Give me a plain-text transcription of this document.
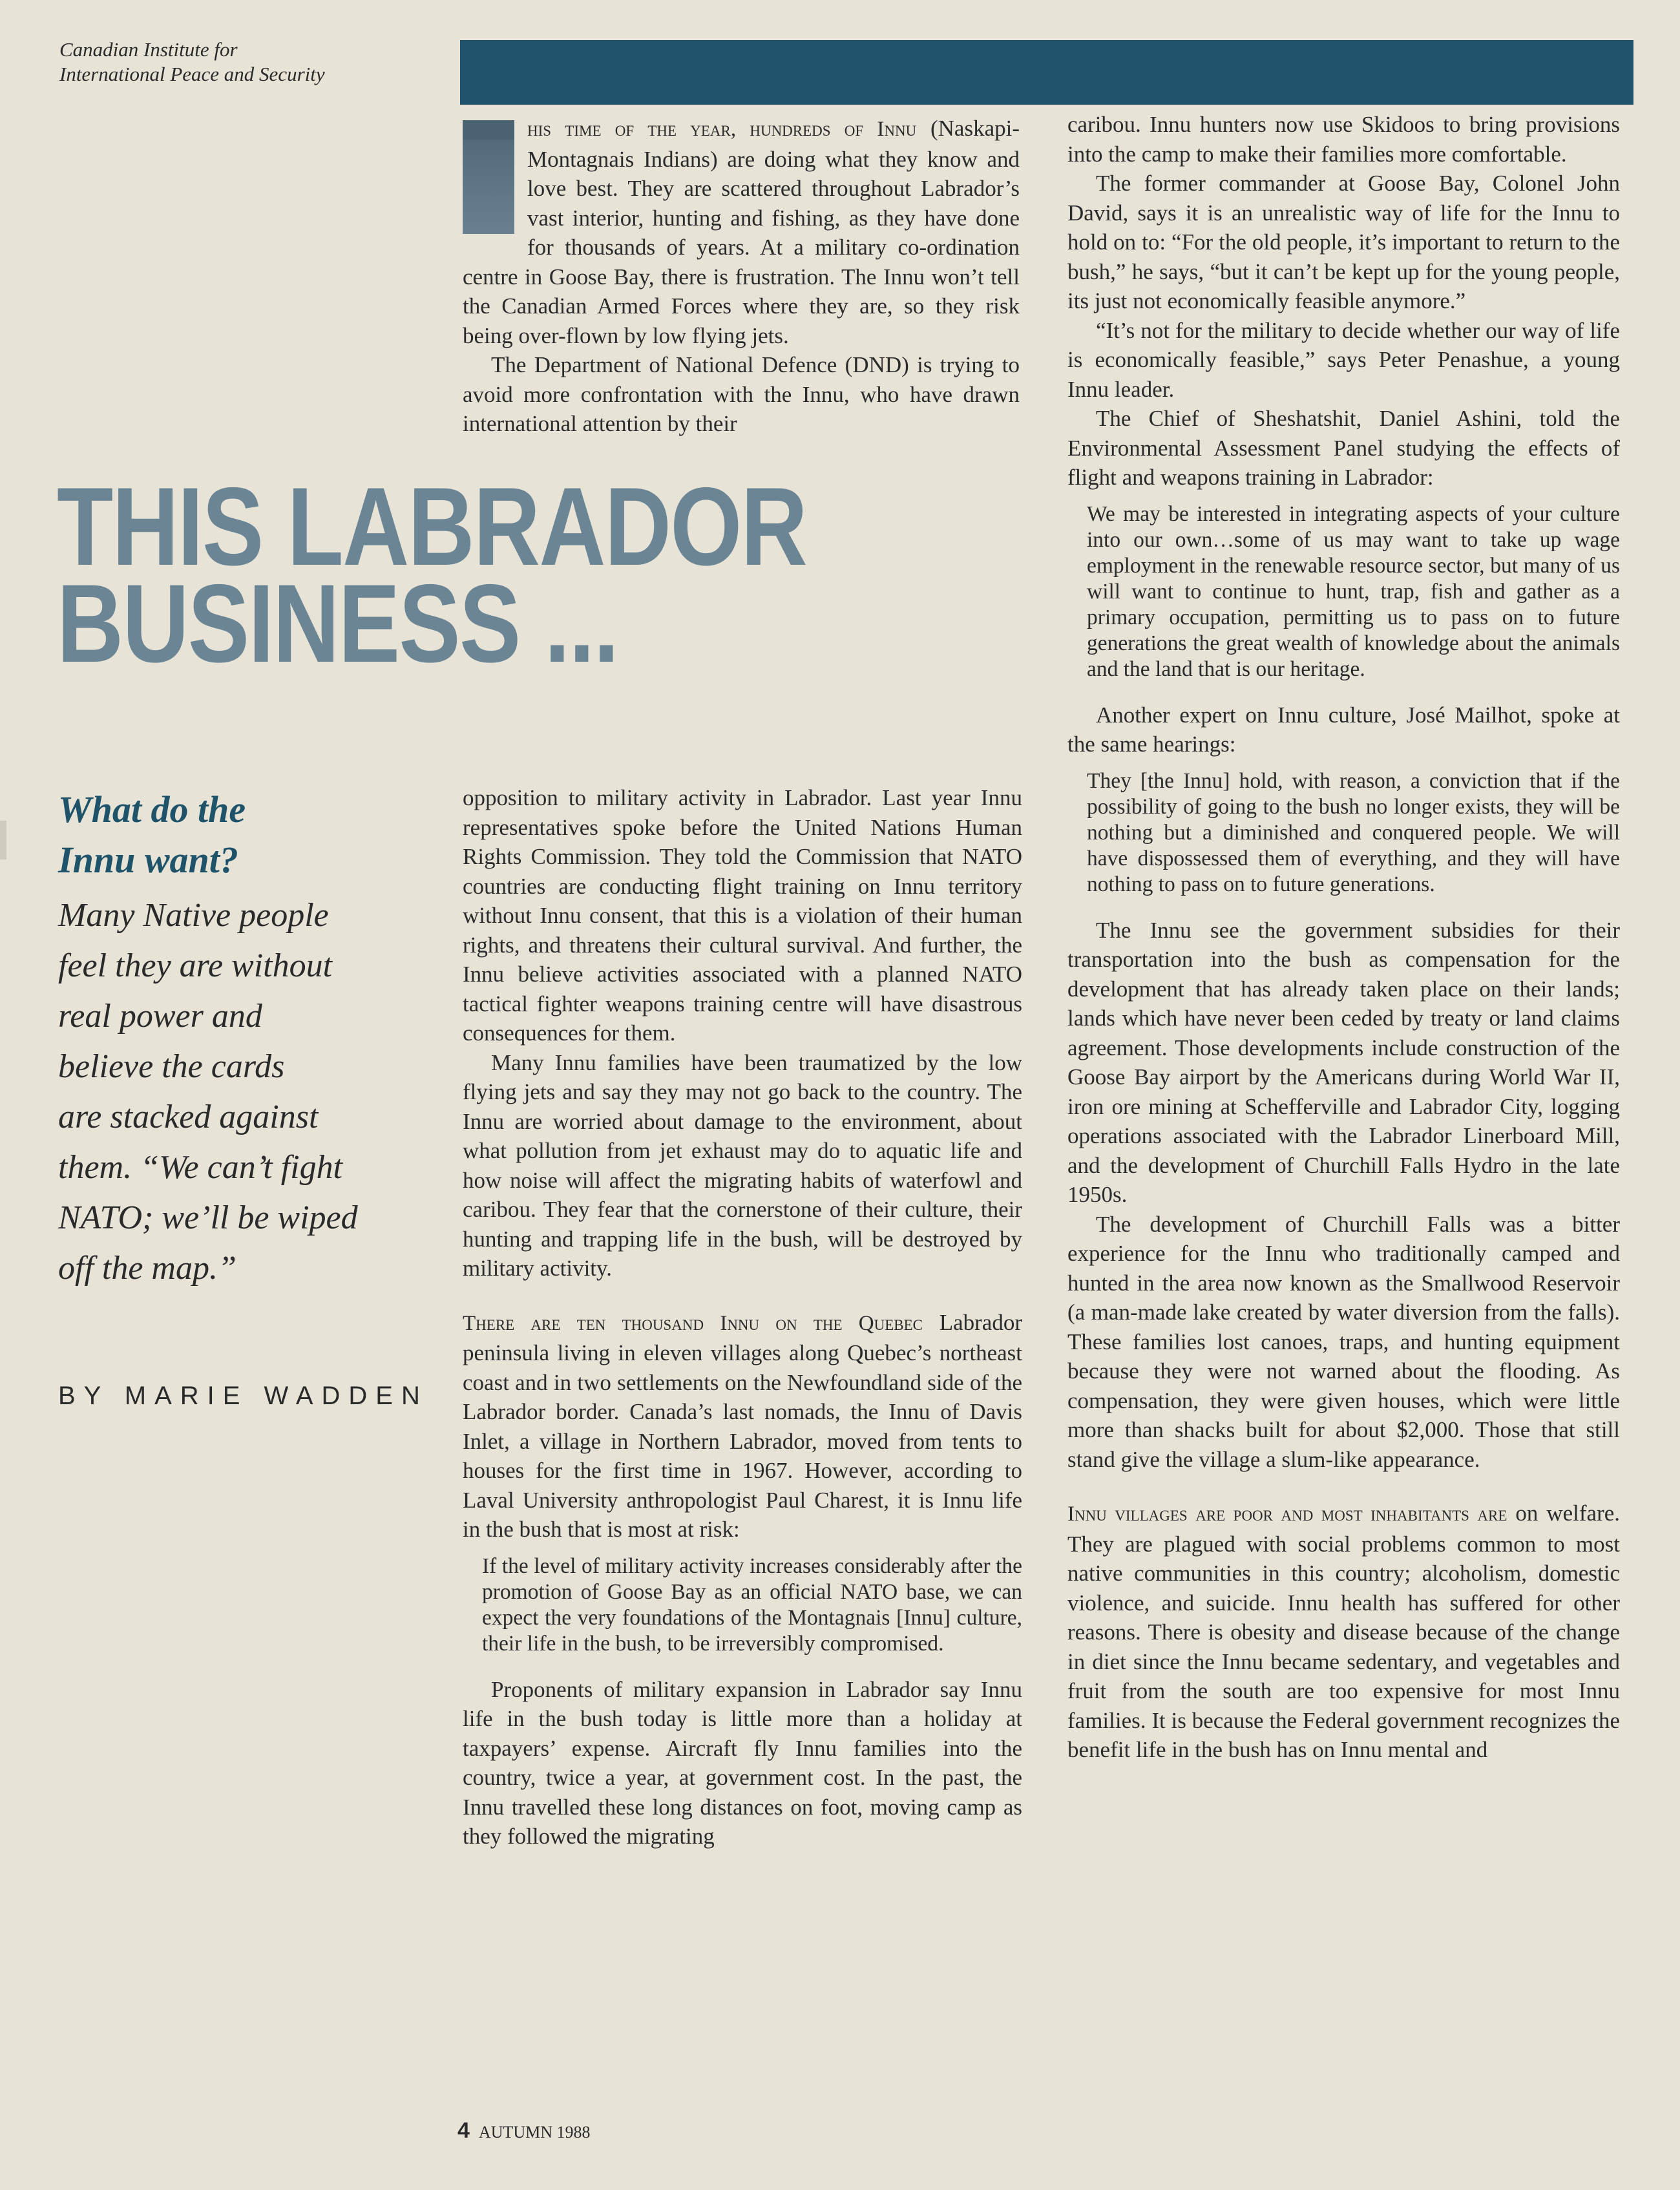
Canadian Institute for
International Peace and Security

his time of the year, hundreds of Innu (Naskapi-Montagnais Indians) are doing what they know and love best. They are scattered throughout Labrador’s vast interior, hunting and fishing, as they have done for thousands of years. At a military co-ordination centre in Goose Bay, there is frustration. The Innu won’t tell the Canadian Armed Forces where they are, so they risk being over-flown by low flying jets.

The Department of National Defence (DND) is trying to avoid more confrontation with the Innu, who have drawn international attention by their

THIS LABRADOR
BUSINESS ...
What do the
Innu want?
Many Native people
feel they are without
real power and
believe the cards
are stacked against
them. “We can’t fight
NATO; we’ll be wiped
off the map.”
BY MARIE WADDEN

opposition to military activity in Labrador. Last year Innu representatives spoke before the United Nations Human Rights Commission. They told the Commission that NATO countries are conducting flight training on Innu territory without Innu consent, that this is a violation of their human rights, and threatens their cultural survival. And further, the Innu believe activities associated with a planned NATO tactical fighter weapons training centre will have disastrous consequences for them.

Many Innu families have been traumatized by the low flying jets and say they may not go back to the country. The Innu are worried about damage to the environment, about what pollution from jet exhaust may do to aquatic life and how noise will affect the migrating habits of waterfowl and caribou. They fear that the cornerstone of their culture, their hunting and trapping life in the bush, will be destroyed by military activity.

There are ten thousand Innu on the Quebec Labrador peninsula living in eleven villages along Quebec’s northeast coast and in two settlements on the Newfoundland side of the Labrador border. Canada’s last nomads, the Innu of Davis Inlet, a village in Northern Labrador, moved from tents to houses for the first time in 1967. However, according to Laval University anthropologist Paul Charest, it is Innu life in the bush that is most at risk:

If the level of military activity increases considerably after the promotion of Goose Bay as an official NATO base, we can expect the very foundations of the Montagnais [Innu] culture, their life in the bush, to be irreversibly compromised.

Proponents of military expansion in Labrador say Innu life in the bush today is little more than a holiday at taxpayers’ expense. Aircraft fly Innu families into the country, twice a year, at government cost. In the past, the Innu travelled these long distances on foot, moving camp as they followed the migrating

caribou. Innu hunters now use Skidoos to bring provisions into the camp to make their families more comfortable.

The former commander at Goose Bay, Colonel John David, says it is an unrealistic way of life for the Innu to hold on to: “For the old people, it’s important to return to the bush,” he says, “but it can’t be kept up for the young people, its just not economically feasible anymore.”

“It’s not for the military to decide whether our way of life is economically feasible,” says Peter Penashue, a young Innu leader.

The Chief of Sheshatshit, Daniel Ashini, told the Environmental Assessment Panel studying the effects of flight and weapons training in Labrador:

We may be interested in integrating aspects of your culture into our own…some of us may want to take up wage employment in the renewable resource sector, but many of us will want to continue to hunt, trap, fish and gather as a primary occupation, permitting us to pass on to future generations the great wealth of knowledge about the animals and the land that is our heritage.

Another expert on Innu culture, José Mailhot, spoke at the same hearings:

They [the Innu] hold, with reason, a conviction that if the possibility of going to the bush no longer exists, they will be nothing but a diminished and conquered people. We will have dispossessed them of everything, and they will have nothing to pass on to future generations.

The Innu see the government subsidies for their transportation into the bush as compensation for the development that has already taken place on their lands; lands which have never been ceded by treaty or land claims agreement. Those developments include construction of the Goose Bay airport by the Americans during World War II, iron ore mining at Schefferville and Labrador City, logging operations associated with the Labrador Linerboard Mill, and the development of Churchill Falls Hydro in the late 1950s.

The development of Churchill Falls was a bitter experience for the Innu who traditionally camped and hunted in the area now known as the Smallwood Reservoir (a man-made lake created by water diversion from the falls). These families lost canoes, traps, and hunting equipment because they were not warned about the flooding. As compensation, they were given houses, which were little more than shacks built for about $2,000. Those that still stand give the village a slum-like appearance.

Innu villages are poor and most inhabitants are on welfare. They are plagued with social problems common to most native communities in this country; alcoholism, domestic violence, and suicide. Innu health has suffered for other reasons. There is obesity and disease because of the change in diet since the Innu became sedentary, and vegetables and fruit from the south are too expensive for most Innu families. It is because the Federal government recognizes the benefit life in the bush has on Innu mental and

4 AUTUMN 1988
